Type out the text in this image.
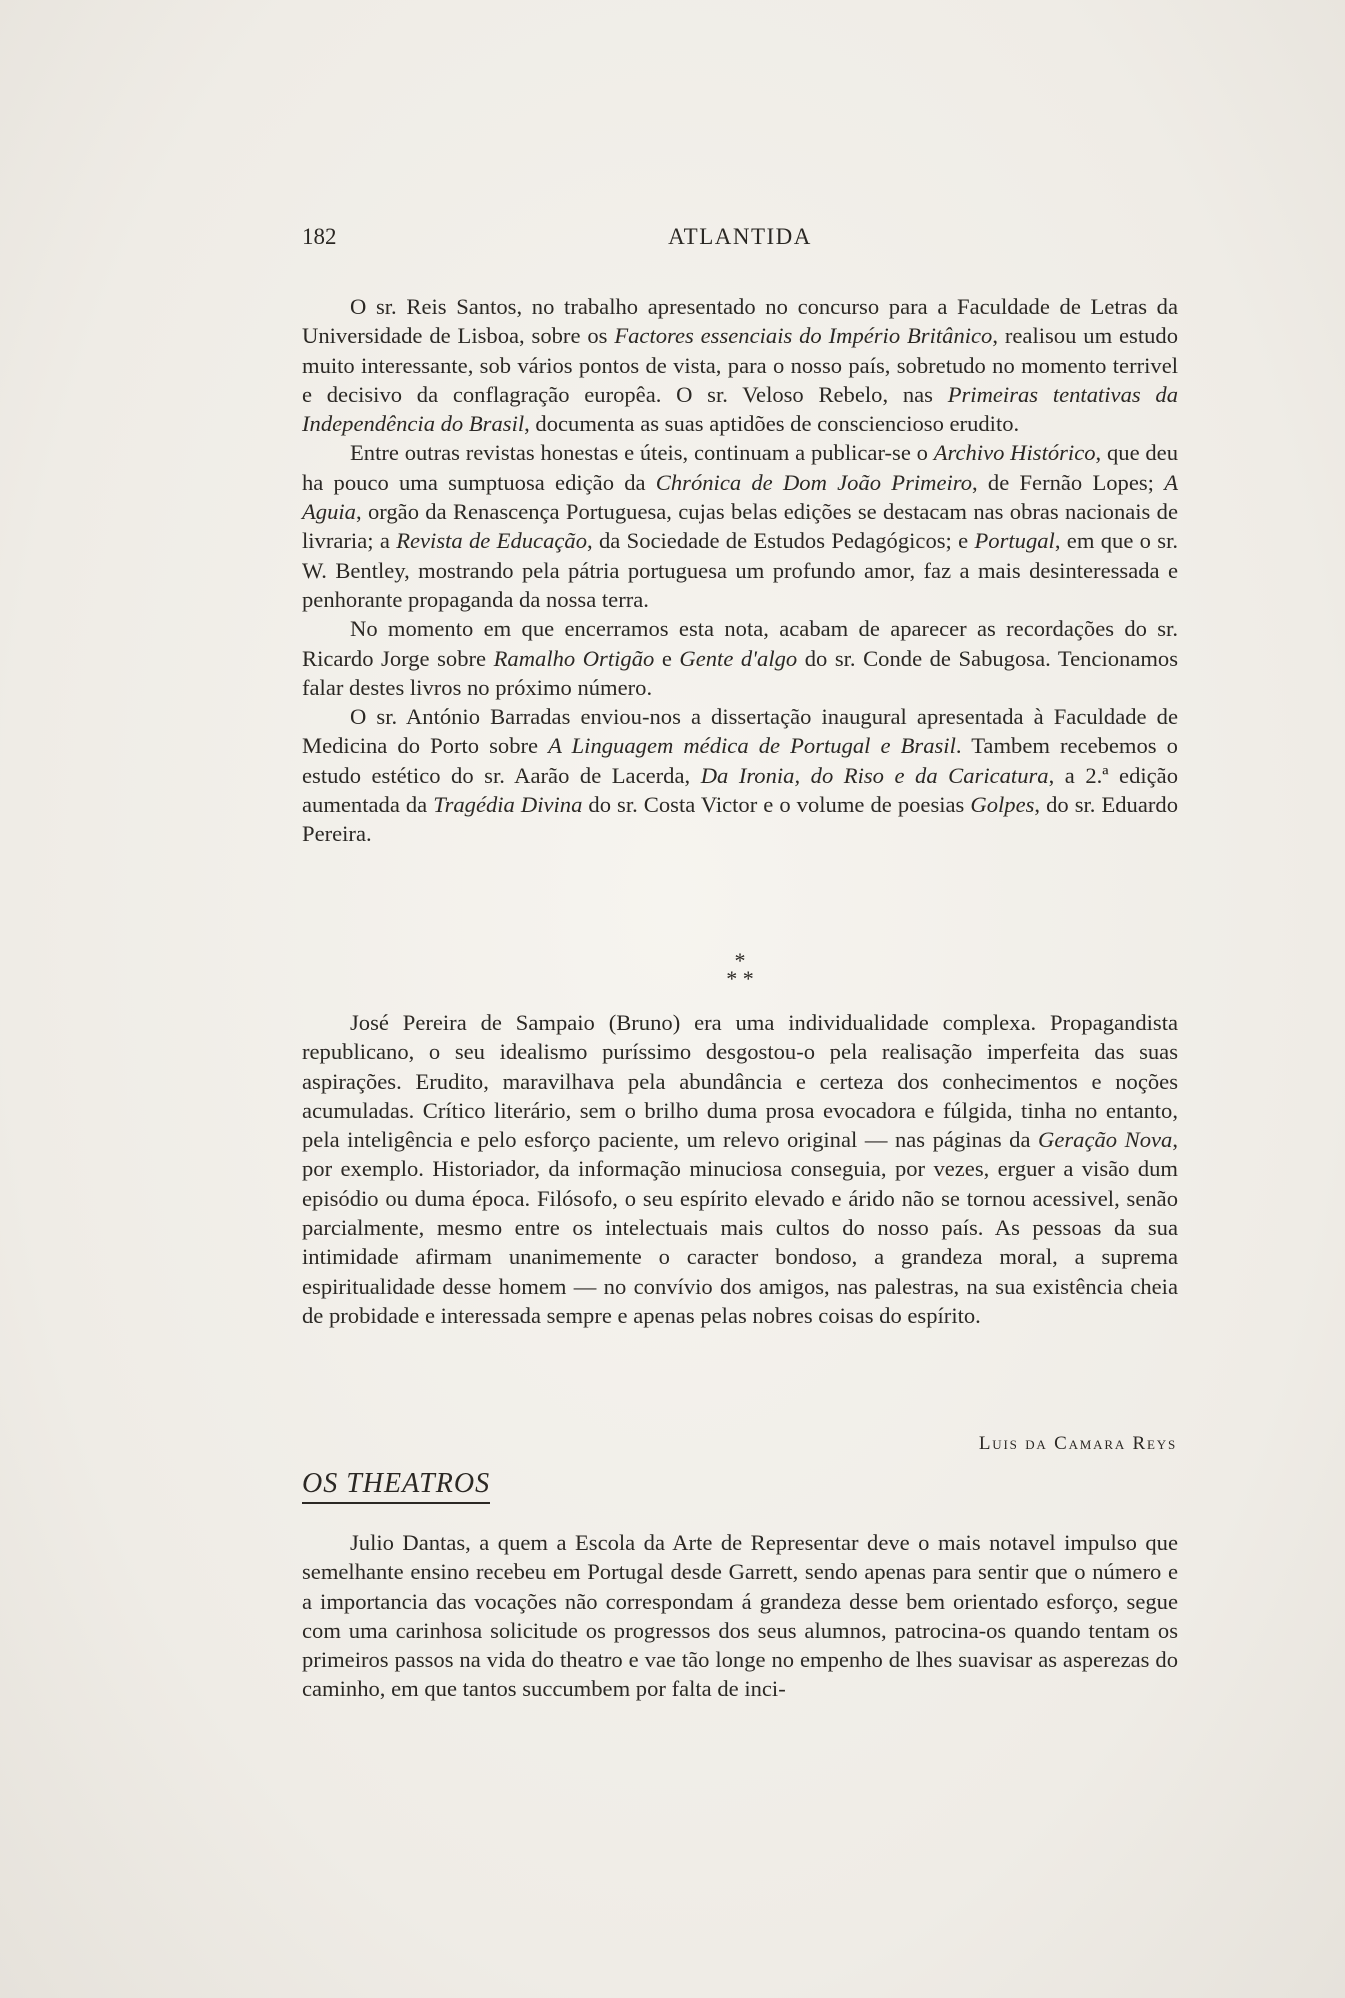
182	ATLANTIDA

O sr. Reis Santos, no trabalho apresentado no concurso para a Faculdade de Letras da Universidade de Lisboa, sobre os Factores essenciais do Império Britânico, realisou um estudo muito interessante, sob vários pontos de vista, para o nosso país, sobretudo no momento terrivel e decisivo da conflagração europêa. O sr. Veloso Rebelo, nas Primeiras tentativas da Independência do Brasil, documenta as suas aptidões de consciencioso erudito.

Entre outras revistas honestas e úteis, continuam a publicar-se o Archivo Histórico, que deu ha pouco uma sumptuosa edição da Chrónica de Dom João Primeiro, de Fernão Lopes; A Aguia, orgão da Renascença Portuguesa, cujas belas edições se destacam nas obras nacionais de livraria; a Revista de Educação, da Sociedade de Estudos Pedagógicos; e Portugal, em que o sr. W. Bentley, mostrando pela pátria portuguesa um profundo amor, faz a mais desinteressada e penhorante propaganda da nossa terra.

No momento em que encerramos esta nota, acabam de aparecer as recordações do sr. Ricardo Jorge sobre Ramalho Ortigão e Gente d'algo do sr. Conde de Sabugosa. Tencionamos falar destes livros no próximo número.

O sr. António Barradas enviou-nos a dissertação inaugural apresentada à Faculdade de Medicina do Porto sobre A Linguagem médica de Portugal e Brasil. Tambem recebemos o estudo estético do sr. Aarão de Lacerda, Da Ironia, do Riso e da Caricatura, a 2.ª edição aumentada da Tragédia Divina do sr. Costa Victor e o volume de poesias Golpes, do sr. Eduardo Pereira.

*
* *

José Pereira de Sampaio (Bruno) era uma individualidade complexa. Propagandista republicano, o seu idealismo puríssimo desgostou-o pela realisação imperfeita das suas aspirações. Erudito, maravilhava pela abundância e certeza dos conhecimentos e noções acumuladas. Crítico literário, sem o brilho duma prosa evocadora e fúlgida, tinha no entanto, pela inteligência e pelo esforço paciente, um relevo original — nas páginas da Geração Nova, por exemplo. Historiador, da informação minuciosa conseguia, por vezes, erguer a visão dum episódio ou duma época. Filósofo, o seu espírito elevado e árido não se tornou acessivel, senão parcialmente, mesmo entre os intelectuais mais cultos do nosso país. As pessoas da sua intimidade afirmam unanimemente o caracter bondoso, a grandeza moral, a suprema espiritualidade desse homem — no convívio dos amigos, nas palestras, na sua existência cheia de probidade e interessada sempre e apenas pelas nobres coisas do espírito.

Luis da Camara Reys
OS THEATROS

Julio Dantas, a quem a Escola da Arte de Representar deve o mais notavel impulso que semelhante ensino recebeu em Portugal desde Garrett, sendo apenas para sentir que o número e a importancia das vocações não correspondam á grandeza desse bem orientado esforço, segue com uma carinhosa solicitude os progressos dos seus alumnos, patrocina-os quando tentam os primeiros passos na vida do theatro e vae tão longe no empenho de lhes suavisar as asperezas do caminho, em que tantos succumbem por falta de inci-
